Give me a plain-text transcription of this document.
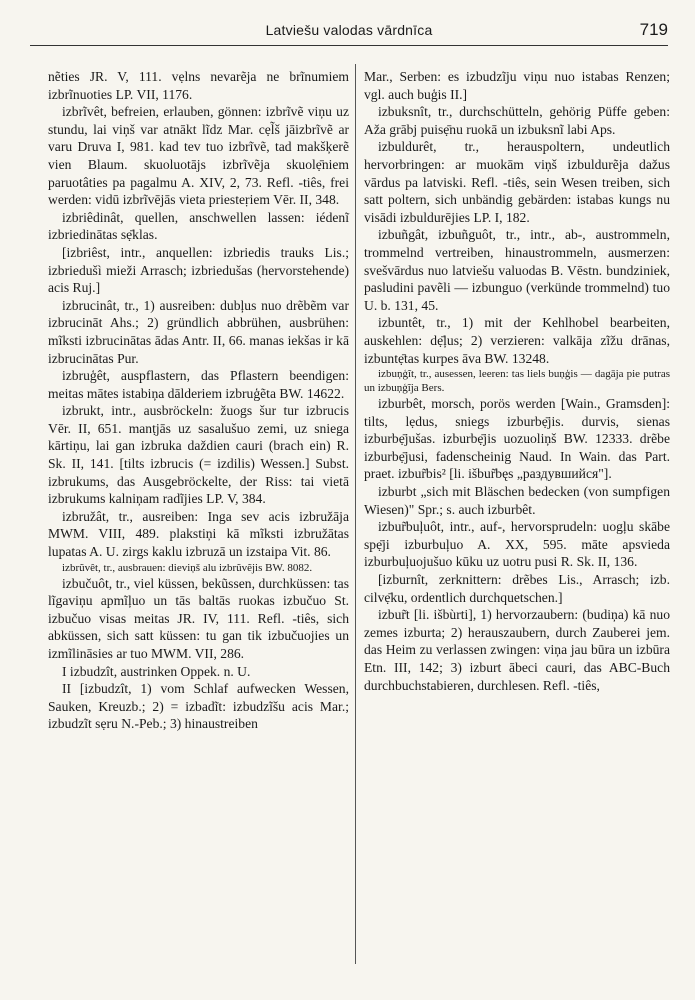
Latviešu valodas vārdnīca	719

nẽties JR. V, 111. vẹlns nevarẽja ne brĩnumiem izbrĩnuoties LP. VII, 1176.

izbrĩvêt, befreien, erlauben, gönnen: izbrĩvẽ viņu uz stundu, lai viņš var atnākt lĩdz Mar. cẹl̃š jāizbrĩvẽ ar varu Druva I, 981. kad tev tuo izbrĩvẽ, tad makšķerẽ vien Blaum. skuoluotājs izbrĩvẽja skuolẹ̄niem paruotâties pa pagalmu A. XIV, 2, 73. Refl. -tiês, frei werden: vidū izbrĩvējās vieta priesteṛiem Vēr. II, 348.

izbriêdinât, quellen, anschwellen lassen: iédenĩ izbriedinātas sẹ̄klas.

[izbriêst, intr., anquellen: izbriedis trauks Lis.; izbriedušì mieži Arrasch; izbriedušas (hervorstehende) acis Ruj.]

izbrucinât, tr., 1) ausreiben: dubļus nuo drẽbẽm var izbrucināt Ahs.; 2) gründlich abbrühen, ausbrühen: mĩksti izbrucinātas ādas Antr. II, 66. manas iekšas ir kā izbrucinātas Pur.

izbruģêt, auspflastern, das Pflastern beendigen: meitas mātes istabiņa dālderiem izbruģẽta BW. 14622.

izbrukt, intr., ausbröckeln: žuogs šur tur izbrucis Vēr. II, 651. manṭjās uz sasalušuo zemi, uz sniega kārtiņu, lai gan izbruka daždien cauri (brach ein) R. Sk. II, 141. [tilts izbrucis (= izdilis) Wessen.] Subst. izbrukums, das Ausgebröckelte, der Riss: tai vietā izbrukums kalniņam radĩjies LP. V, 384.

izbružât, tr., ausreiben: Inga sev acis izbružāja MWM. VIII, 489. plakstiņi kā mĩksti izbružātas lupatas A. U. zirgs kaklu izbruzā un izstaipa Vit. 86.

izbrũvêt, tr., ausbrauen: dieviņš alu izbrũvẽjis BW. 8082.

izbučuôt, tr., viel küssen, bekũssen, durchküssen: tas lĩgaviņu apmĩļuo un tās baltās ruokas izbučuo St. izbučuo visas meitas JR. IV, 111. Refl. -tiês, sich abküssen, sich satt küssen: tu gan tik izbučuojies un izmĩlināsies ar tuo MWM. VII, 286.

I izbudzît, austrinken Oppek. n. U.

II [izbudzît, 1) vom Schlaf aufwecken Wessen, Sauken, Kreuzb.; 2) = izbadĩt: izbudzĩšu acis Mar.; izbudzĩt sẹru N.-Peb.; 3) hinaustreiben

Mar., Serben: es izbudzĩju viņu nuo istabas Renzen; vgl. auch buģis II.]

izbuksnît, tr., durchschütteln, gehörig Püffe geben: Aža grābj puisẹ̄nu ruokā un izbuksnĩ labi Aps.

izbuldurêt, tr., herauspoltern, undeutlich hervorbringen: ar muokām viņš izbuldurẽja dažus vārdus pa latviski. Refl. -tiês, sein Wesen treiben, sich satt poltern, sich unbändig gebärden: istabas kungs nu visādi izbuldurējies LP. I, 182.

izbuñgât, izbuñguôt, tr., intr., ab-, austrommeln, trommelnd vertreiben, hinaustrommeln, ausmerzen: svešvārdus nuo latviešu valuodas B. Vēstn. bundziniek, pasludini pavẽli — izbunguo (verkünde trommelnd) tuo U. b. 131, 45.

izbuntêt, tr., 1) mit der Kehlhobel bearbeiten, auskehlen: dẹ̄ļus; 2) verzieren: valkāja zĩžu drānas, izbuntẹ̄tas kurpes āva BW. 13248.

izbuņģĩt, tr., ausessen, leeren: tas liels buņģis — dagāja pie putras un izbuņģĩja Bers.

izburbêt, morsch, porös werden [Wain., Gramsden]: tilts, lẹdus, sniegs izburbẹ̄jis. durvis, sienas izburbẹ̄jušas. izburbẹ̄jis uozuoliņš BW. 12333. drẽbe izburbẹ̄jusi, fadenscheinig Naud. In Wain. das Part. praet. izbur̃bis² [li. išbur̃bęs „раздувшийся"].

izburbt „sich mit Bläschen bedecken (von sumpfigen Wiesen)" Spr.; s. auch izburbêt.

izbur̃buļuôt, intr., auf-, hervorsprudeln: uogļu skābe spẹ̄ji izburbuļuo A. XX, 595. māte apsvieda izburbuļuojušuo kūku uz uotru pusi R. Sk. II, 136.

[izburnît, zerknittern: drẽbes Lis., Arrasch; izb. cilvẹ̄ku, ordentlich durchquetschen.]

izbur̃t [li. išbùrti], 1) hervorzaubern: (budiņa) kā nuo zemes izburta; 2) herauszaubern, durch Zauberei jem. das Heim zu verlassen zwingen: viņa jau būra un izbūra Etn. III, 142; 3) izburt ābeci cauri, das ABC-Buch durchbuchstabieren, durchlesen. Refl. -tiês,
